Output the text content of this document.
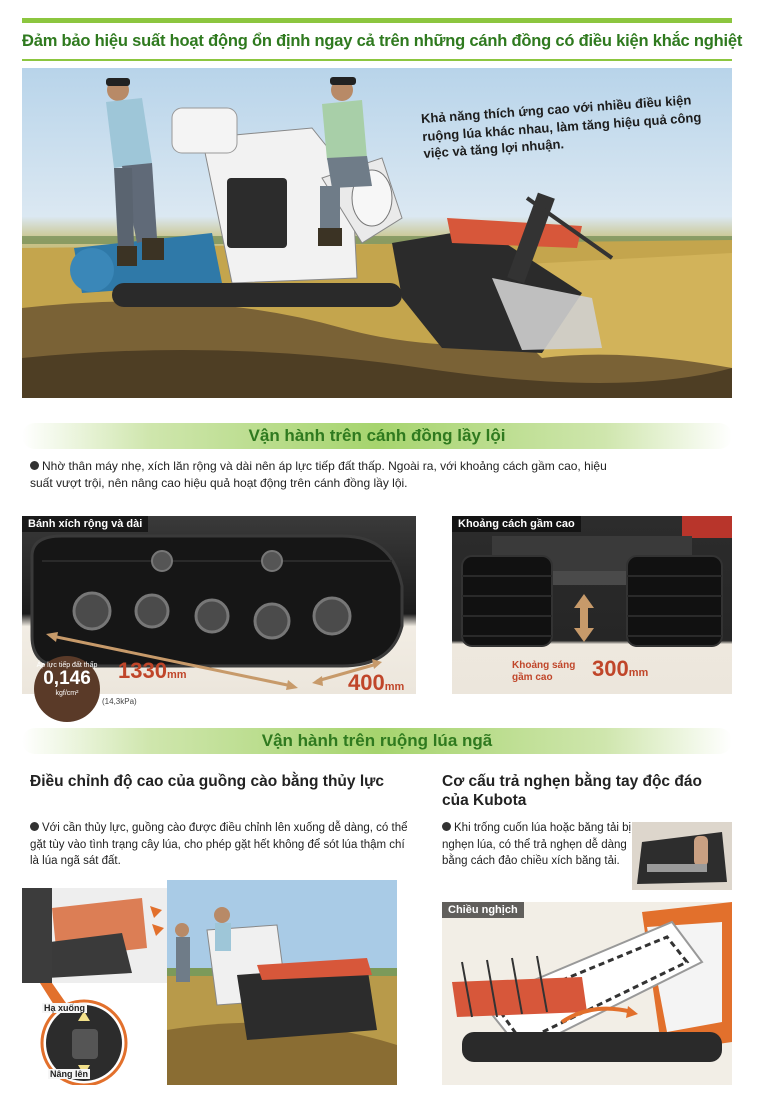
Đảm bảo hiệu suất hoạt động ổn định ngay cả trên những cánh đồng có điều kiện khắc nghiệt
Khả năng thích ứng cao với nhiều điều kiện ruộng lúa khác nhau, làm tăng hiệu quả công việc và tăng lợi nhuận.
Vận hành trên cánh đồng lầy lội
Nhờ thân máy nhẹ, xích lăn rộng và dài nên áp lực tiếp đất thấp. Ngoài ra, với khoảng cách gầm cao, hiệu suất vượt trội, nên nâng cao hiệu quả hoạt động trên cánh đồng lầy lội.
Bánh xích rộng và dài
1330mm	400mm
Áp lực tiếp đất thấp
0,146
kgf/cm²
(14,3kPa)
Khoảng cách gầm cao
Khoảng sáng gầm cao	300mm
Vận hành trên ruộng lúa ngã
Điều chỉnh độ cao của guồng cào bằng thủy lực
Với cần thủy lực, guồng cào được điều chỉnh lên xuống dễ dàng, có thể gặt tùy vào tình trạng cây lúa, cho phép gặt hết không để sót lúa thậm chí là lúa ngã sát đất.
Cơ cấu trả nghẹn bằng tay độc đáo của Kubota
Khi trống cuốn lúa hoặc băng tải bị nghẹn lúa, có thể trả nghẹn dễ dàng bằng cách đảo chiều xích băng tải.
Hạ xuống
Nâng lên
Chiều nghịch
